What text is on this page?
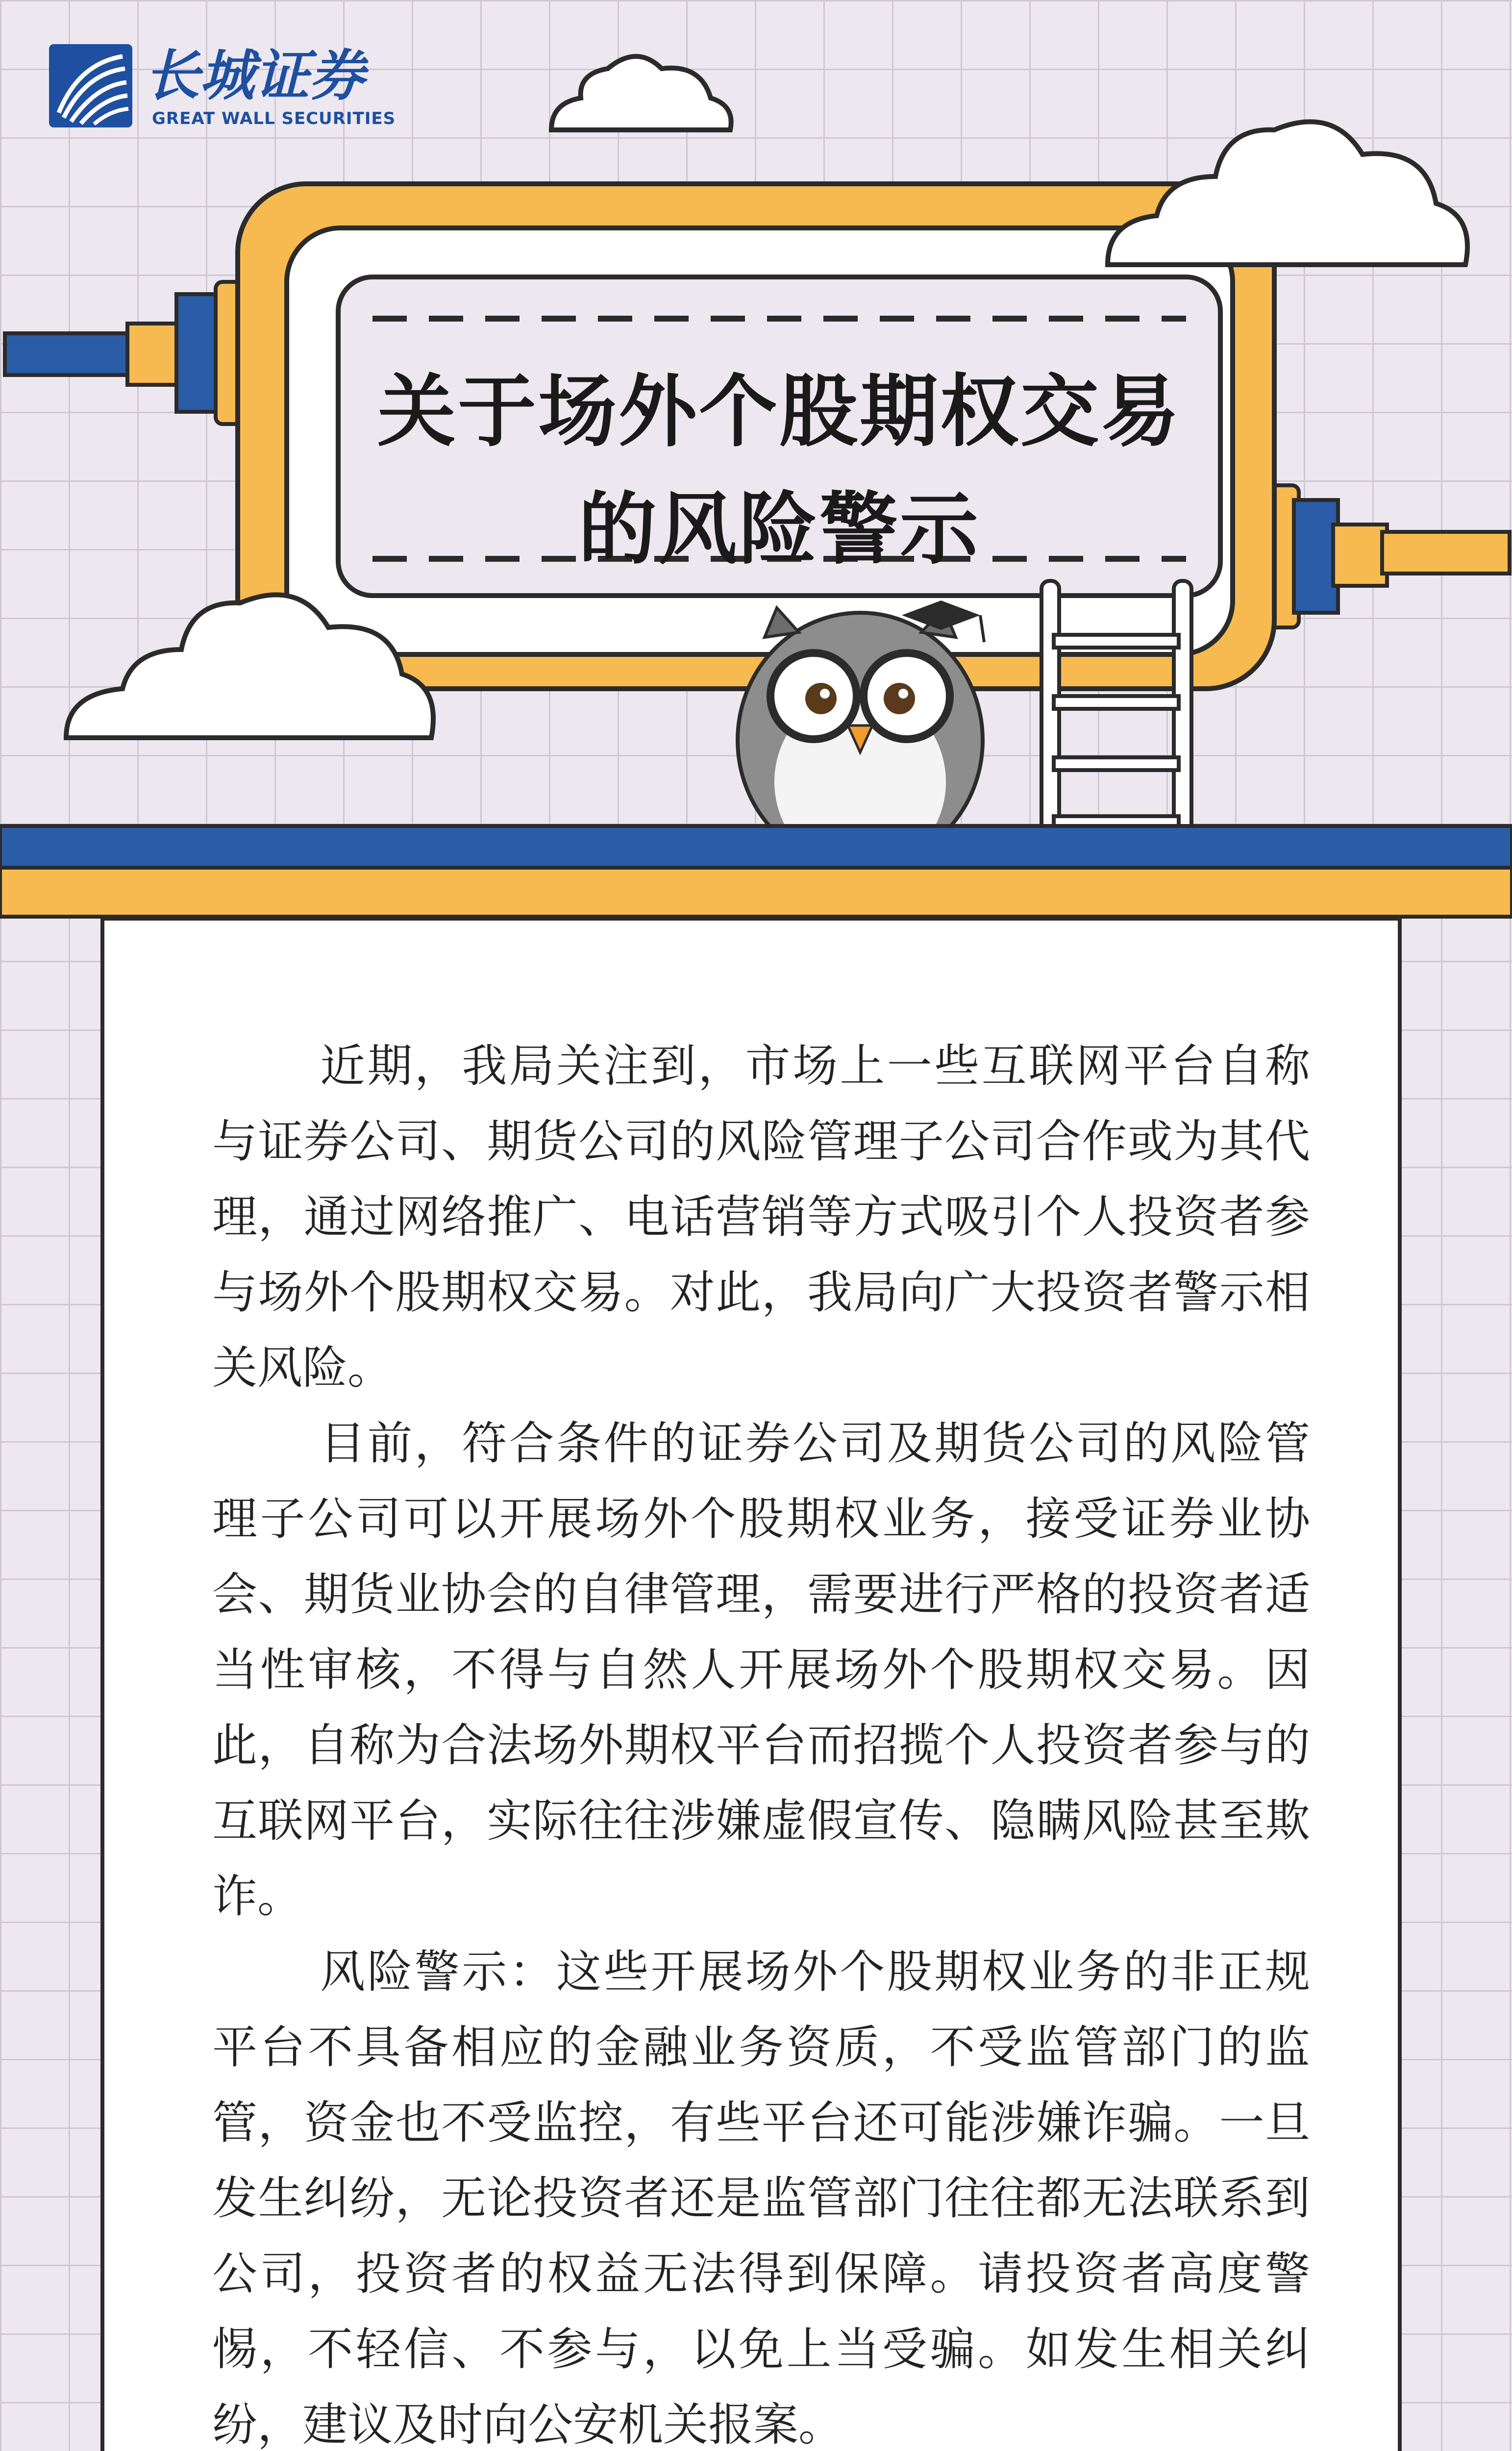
长城证券
GREAT WALL SECURITIES
关于场外个股期权交易
的风险警示

近期，我局关注到，市场上一些互联网平台自称与证券公司、期货公司的风险管理子公司合作或为其代理，通过网络推广、电话营销等方式吸引个人投资者参与场外个股期权交易。对此，我局向广大投资者警示相关风险。

目前，符合条件的证券公司及期货公司的风险管理子公司可以开展场外个股期权业务，接受证券业协会、期货业协会的自律管理，需要进行严格的投资者适当性审核，不得与自然人开展场外个股期权交易。因此，自称为合法场外期权平台而招揽个人投资者参与的互联网平台，实际往往涉嫌虚假宣传、隐瞒风险甚至欺诈。

风险警示：这些开展场外个股期权业务的非正规平台不具备相应的金融业务资质，不受监管部门的监管，资金也不受监控，有些平台还可能涉嫌诈骗。一旦发生纠纷，无论投资者还是监管部门往往都无法联系到公司，投资者的权益无法得到保障。请投资者高度警惕，不轻信、不参与，以免上当受骗。如发生相关纠纷，建议及时向公安机关报案。
